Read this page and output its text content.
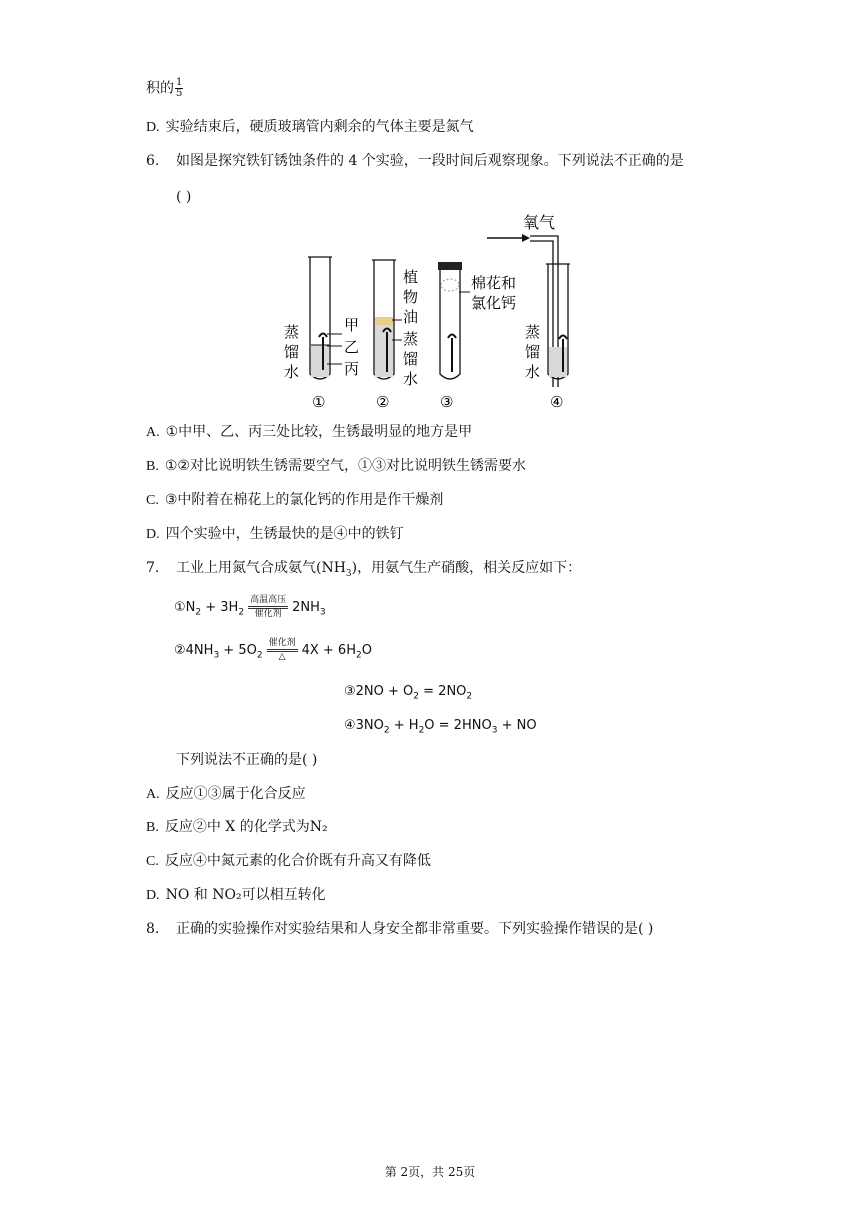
积的 $\frac{1}{5}$
D. 实验结束后，硬质玻璃管内剩余的气体主要是氮气
6. 如图是探究铁钉锈蚀条件的 4 个实验，一段时间后观察现象。下列说法不正确的是
( )
氧气
蒸
馏
水
甲
乙
丙
①
植
物
油
蒸
馏
水
②
棉花和
氯化钙
③
蒸
馏
水
④
A. ①中甲、乙、丙三处比较，生锈最明显的地方是甲
B. ①②对比说明铁生锈需要空气，①③对比说明铁生锈需要水
C. ③中附着在棉花上的氯化钙的作用是作干燥剂
D. 四个实验中，生锈最快的是④中的铁钉
7. 工业上用氮气合成氨气$(NH_3)$，用氨气生产硝酸，相关反应如下：
$①N_2 + 3H_2$
高温高压
催化剂 $2NH_3$
$②4NH_3 + 5O_2$
催化剂
△	$4X + 6H_2O$
③2NO + $O_2 = 2NO_2$
$④3NO_2 + H_2O = 2HNO_3$ + NO
下列说法不正确的是( )
A. 反应①③属于化合反应
B. 反应②中 X 的化学式为N₂
C. 反应④中氮元素的化合价既有升高又有降低
D. NO 和 NO₂可以相互转化
8. 正确的实验操作对实验结果和人身安全都非常重要。下列实验操作错误的是( )
第 2页，共 25页
